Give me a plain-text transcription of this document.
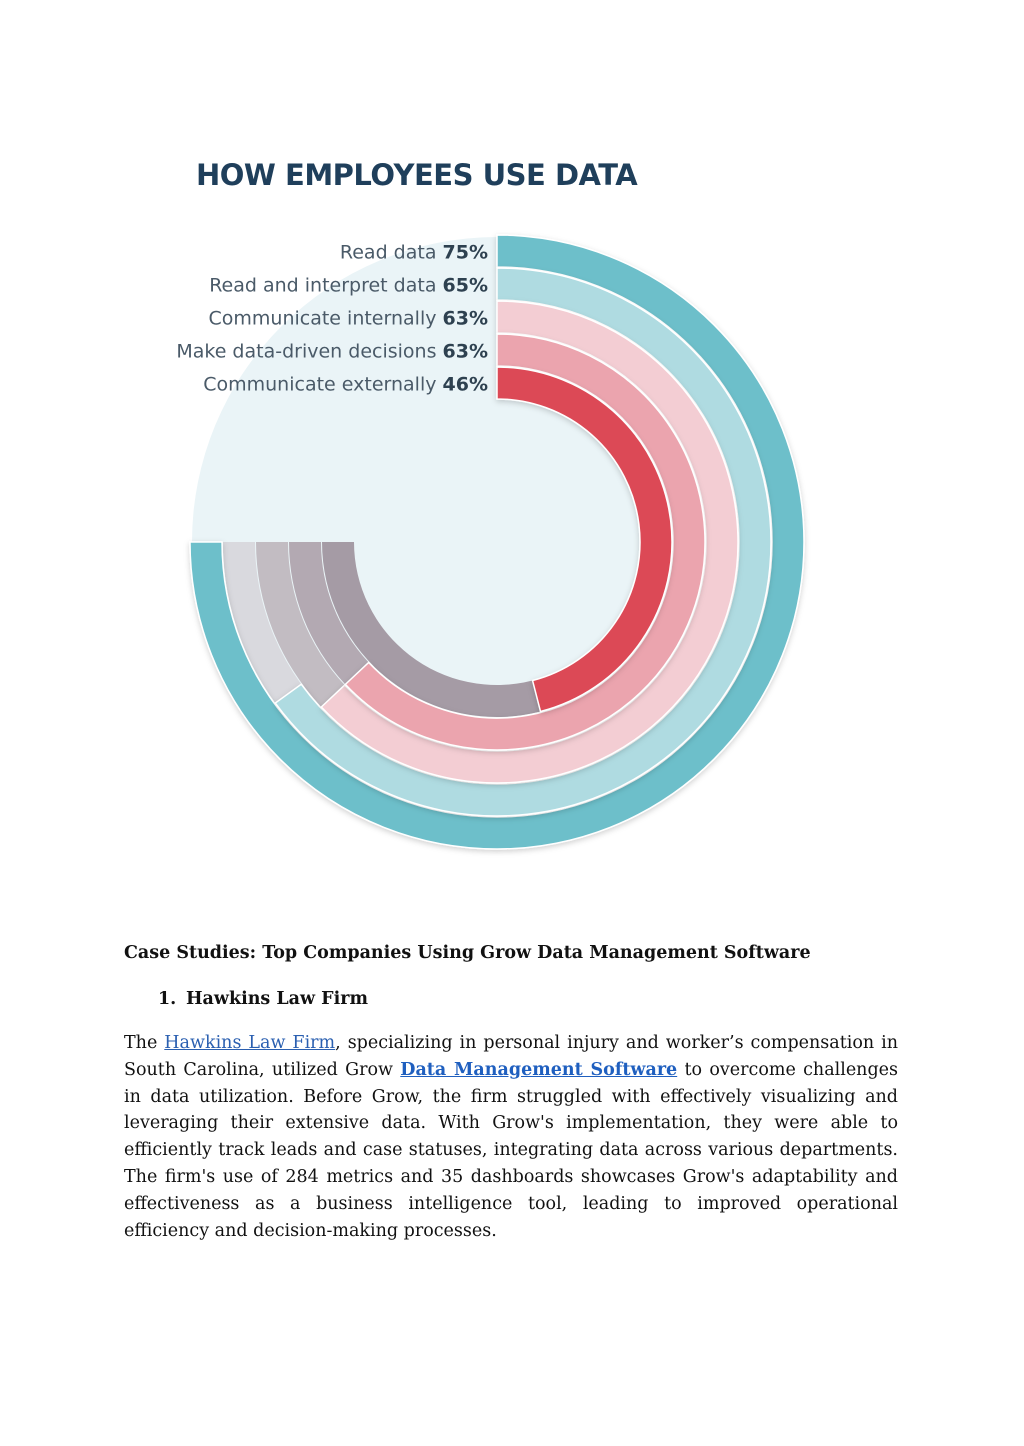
Read data 75%
Read and interpret data 65%
Communicate internally 63%
Make data-driven decisions 63%
Communicate externally 46%
HOW EMPLOYEES USE DATA

Case Studies: Top Companies Using Grow Data Management Software

1. Hawkins Law Firm
The Hawkins Law Firm, specializing in personal injury and worker’s compensation in South Carolina, utilized Grow Data Management Software to overcome challenges in data utilization. Before Grow, the firm struggled with effectively visualizing and leveraging their extensive data. With Grow's implementation, they were able to efficiently track leads and case statuses, integrating data across various departments. The firm's use of 284 metrics and 35 dashboards showcases Grow's adaptability and effectiveness as a business intelligence tool, leading to improved operational efficiency and decision-making processes.
